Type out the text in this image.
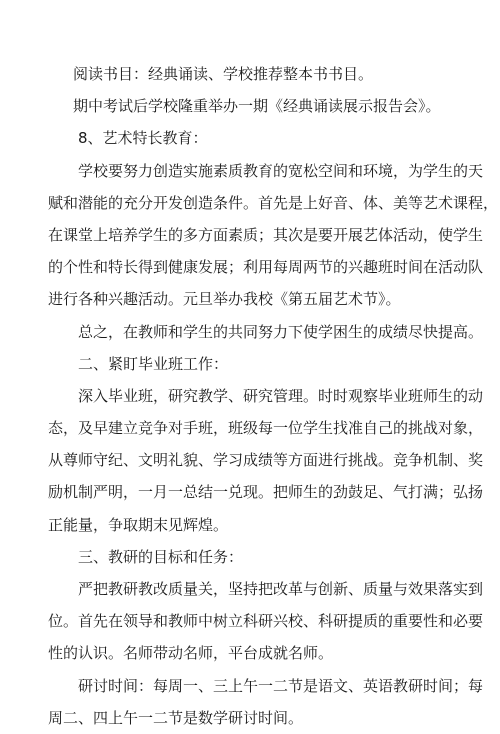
阅读书目：经典诵读、学校推荐整本书书目。
期中考试后学校隆重举办一期《经典诵读展示报告会》。
8、艺术特长教育：
学校要努力创造实施素质教育的宽松空间和环境，为学生的天
赋和潜能的充分开发创造条件。首先是上好音、体、美等艺术课程，
在课堂上培养学生的多方面素质；其次是要开展艺体活动，使学生
的个性和特长得到健康发展；利用每周两节的兴趣班时间在活动队
进行各种兴趣活动。元旦举办我校《第五届艺术节》。
总之，在教师和学生的共同努力下使学困生的成绩尽快提高。
二、紧盯毕业班工作：
深入毕业班，研究教学、研究管理。时时观察毕业班师生的动
态，及早建立竞争对手班，班级每一位学生找准自己的挑战对象，
从尊师守纪、文明礼貌、学习成绩等方面进行挑战。竞争机制、奖
励机制严明，一月一总结一兑现。把师生的劲鼓足、气打满；弘扬
正能量，争取期末见辉煌。
三、教研的目标和任务：
严把教研教改质量关，坚持把改革与创新、质量与效果落实到
位。首先在领导和教师中树立科研兴校、科研提质的重要性和必要
性的认识。名师带动名师，平台成就名师。
研讨时间：每周一、三上午一二节是语文、英语教研时间；每
周二、四上午一二节是数学研讨时间。
